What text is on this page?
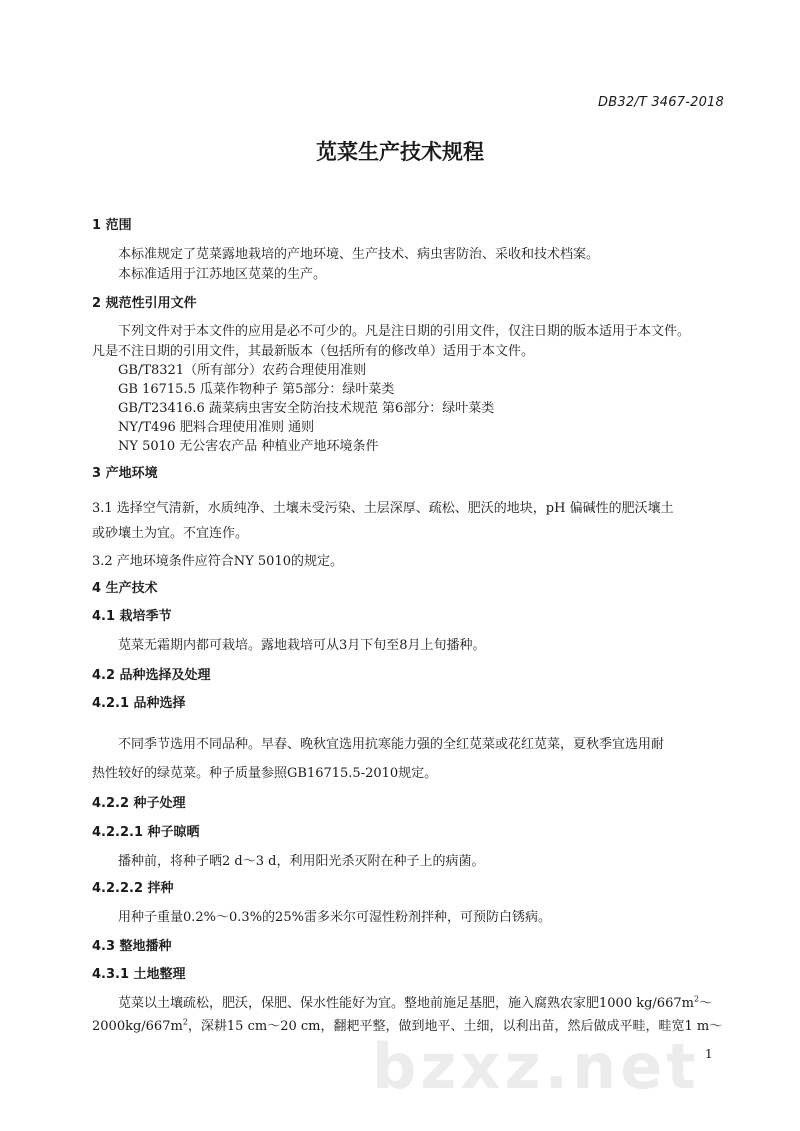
DB32/T 3467-2018
苋菜生产技术规程
1 范围
本标准规定了苋菜露地栽培的产地环境、生产技术、病虫害防治、采收和技术档案。
本标准适用于江苏地区苋菜的生产。
2 规范性引用文件
下列文件对于本文件的应用是必不可少的。凡是注日期的引用文件，仅注日期的版本适用于本文件。
凡是不注日期的引用文件，其最新版本（包括所有的修改单）适用于本文件。
GB/T8321（所有部分）农药合理使用准则
GB 16715.5 瓜菜作物种子 第5部分：绿叶菜类
GB/T23416.6 蔬菜病虫害安全防治技术规范 第6部分：绿叶菜类
NY/T496 肥料合理使用准则 通则
NY 5010 无公害农产品 种植业产地环境条件
3 产地环境
3.1 选择空气清新，水质纯净、土壤未受污染、土层深厚、疏松、肥沃的地块，pH 偏碱性的肥沃壤土
或砂壤土为宜。不宜连作。
3.2 产地环境条件应符合NY 5010的规定。
4 生产技术
4.1 栽培季节
苋菜无霜期内都可栽培。露地栽培可从3月下旬至8月上旬播种。
4.2 品种选择及处理
4.2.1 品种选择
不同季节选用不同品种。早春、晚秋宜选用抗寒能力强的全红苋菜或花红苋菜，夏秋季宜选用耐
热性较好的绿苋菜。种子质量参照GB16715.5-2010规定。
4.2.2 种子处理
4.2.2.1 种子晾晒
播种前，将种子晒2 d～3 d，利用阳光杀灭附在种子上的病菌。
4.2.2.2 拌种
用种子重量0.2%～0.3%的25%雷多米尔可湿性粉剂拌种，可预防白锈病。
4.3 整地播种
4.3.1 土地整理
苋菜以土壤疏松，肥沃，保肥、保水性能好为宜。整地前施足基肥，施入腐熟农家肥1000 $kg/667m^2\sim$
$2000kg/667m^2$，深耕15 cm～20 cm，翻耙平整，做到地平、土细，以利出苗，然后做成平畦，畦宽1 m～
bzxz.net 1
